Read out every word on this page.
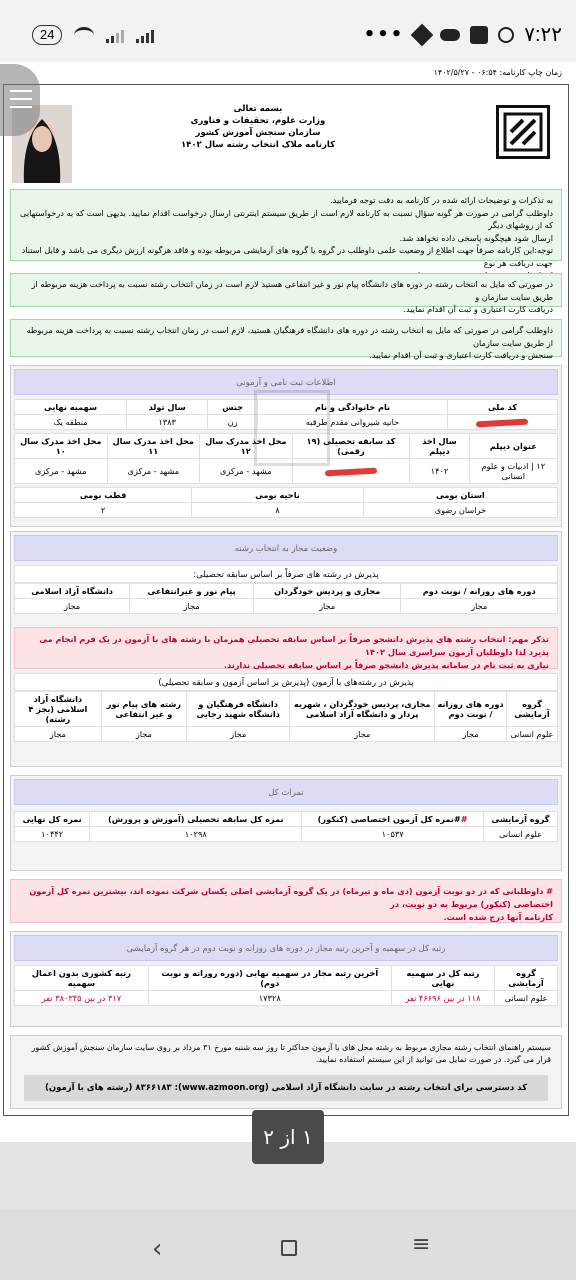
•••	۷:۲۲
24
زمان چاپ کارنامه: ۰۶:۵۴ - ۱۴۰۲/۵/۲۷
بسمه تعالی
وزارت علوم، تحقیقات و فناوری
سازمان سنجش آموزش کشور
کارنامه ملاک انتخاب رشته سال ۱۴۰۲
به تذکرات و توضیحات ارائه شده در کارنامه به دقت توجه فرمایید.
داوطلب گرامی در صورت هر گونه سؤال نسبت به کارنامه لازم است از طریق سیستم اینترنتی ارسال درخواست اقدام نمایید. بدیهی است که به درخواستهایی که از روشهای دیگر
ارسال شود هیچگونه پاسخی داده نخواهد شد.
توجه:این کارنامه صرفاً جهت اطلاع از وضعیت علمی داوطلب در گروه یا گروه های آزمایشی مربوطه بوده و فاقد هرگونه ارزش دیگری می باشد و قابل استناد جهت دریافت هر نوع
در صورتی که مایل به انتخاب رشته در دوره های دانشگاه پیام نور و غیر انتفاعی هستید لازم است در زمان انتخاب رشته نسبت به پرداخت هزینه مربوطه از طریق سایت سازمان و
دریافت کارت اعتباری و ثبت آن اقدام نمایید.
داوطلب گرامی در صورتی که مایل به انتخاب رشته در دوره های دانشگاه فرهنگیان هستید، لازم است در زمان انتخاب رشته نسبت به پرداخت هزینه مربوطه از طریق سایت سازمان
سنجش و دریافت کارت اعتباری و ثبت آن اقدام نمایید.
اطلاعات ثبت نامی و آزمونی
کد ملی	نام خانوادگی و نام	جنس	سال تولد	سهمیه نهایی
	حانیه شیروانی مقدم طرقبه	زن	۱۳۸۳	منطقه یک
عنوان دیپلم	سال اخذ دیپلم	کد سابقه تحصیلی (۱۹ رقمی)	محل اخذ مدرک سال ۱۲	محل اخذ مدرک سال ۱۱	محل اخذ مدرک سال ۱۰
۱۲ | ادبیات و علوم انسانی	۱۴۰۲		مشهد - مرکزی	مشهد - مرکزی	مشهد - مرکزی
استان بومی	ناحیه بومی	قطب بومی
خراسان رضوی	۸	۲
وضعیت مجاز به انتخاب رشته
پذیرش در رشته های صرفاً بر اساس سابقه تحصیلی:
دوره های روزانه / نوبت دوم	مجازی و پردیس خودگردان	پیام نور و غیرانتفاعی	دانشگاه آزاد اسلامی
مجاز	مجاز	مجاز	مجاز
تذکر مهم: انتخاب رشته های پذیرش دانشجو صرفاً بر اساس سابقه تحصیلی همزمان با رشته های با آزمون در یک فرم انجام می پذیرد لذا داوطلبان آزمون سراسری سال ۱۴۰۲
نیازی به ثبت نام در سامانه پذیرش دانشجو صرفاً بر اساس سابقه تحصیلی ندارند.
پذیرش در رشته‌های با آزمون (پذیرش بر اساس آزمون و سابقه تحصیلی)
گروه آزمایشی	دوره های روزانه / نوبت دوم	مجازی، پردیس خودگردان ، شهریه پرداز و دانشگاه آزاد اسلامی	دانشگاه فرهنگیان و دانشگاه شهید رجایی	رشته های پیام نور و غیر انتفاعی	دانشگاه آزاد اسلامی (بجز ۴ رشته)
علوم انسانی	مجاز	مجاز	مجاز	مجاز	مجاز
نمرات کل
گروه آزمایشی	##نمره کل آزمون اختصاصی (کنکور)	نمره کل سابقه تحصیلی (آموزش و پرورش)	نمره کل نهایی
علوم انسانی	۱۰۵۳۷	۱۰۲۹۸	۱۰۴۴۲
# داوطلبانی که در دو نوبت آزمون (دی ماه و تیرماه) در یک گروه آزمایشی اصلی یکسان شرکت نموده اند، بیشترین نمره کل آزمون اختصاصی (کنکور) مربوط به دو نوبت، در
کارنامه آنها درج شده است.
رتبه کل در سهمیه و آخرین رتبه مجاز در دوره های روزانه و نوبت دوم در هر گروه آزمایشی
گروه آزمایشی	رتبه کل در سهمیه نهایی	آخرین رتبه مجاز در سهمیه نهایی (دوره روزانه و نوبت دوم)	رتبه کشوری بدون اعمال سهمیه
علوم انسانی	۱۱۸ در بین ۴۶۶۹۶ نفر	۱۷۳۲۸	۳۱۷ در بین ۳۸۰۳۴۵ نفر
سیستم راهنمای انتخاب رشته مجازی مربوط به رشته محل های با آزمون حداکثر تا روز سه شنبه مورخ ۳۱ مرداد بر روی سایت سازمان سنجش آموزش کشور قرار می گیرد. در صورت تمایل می توانید از این سیستم استفاده نمایید.
کد دسترسی برای انتخاب رشته در سایت دانشگاه آزاد اسلامی (www.azmoon.org): ۸۳۶۶۱۸۳ (رشته های با آزمون)
۱ از ۲
‹	≡
